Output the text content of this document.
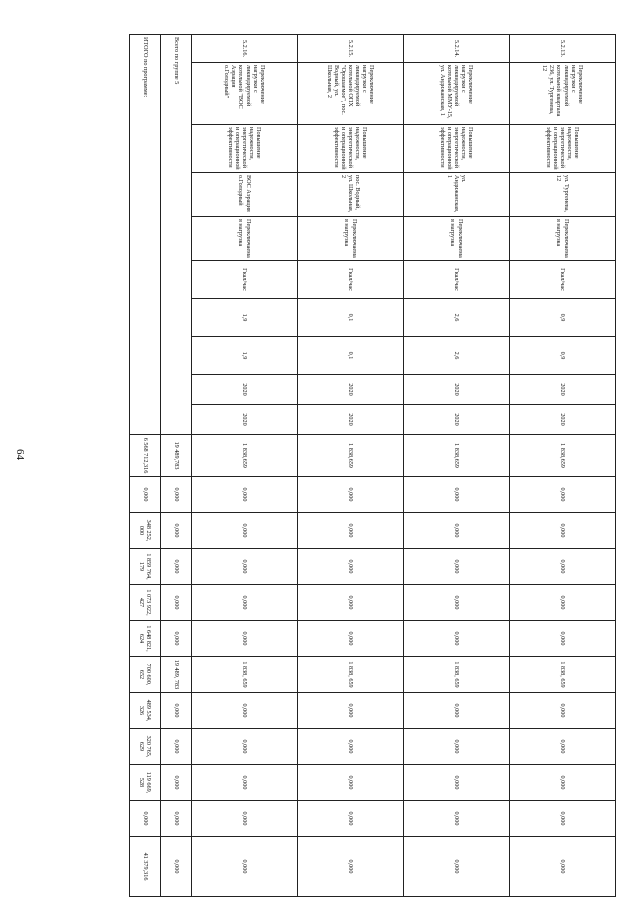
64
5.2.13.	Переключение нагрузки с ликвидируемой котельной квартала 236, ул. Тургенева, 12	Повышение надежности, энергетической и операционной эффективности	ул. Тургенева, 12	Переключаемая нагрузка	Гкал/час	0,9	0,9	2020	2020	1 838,659	0,000	0,000	0,000	0,000	0,000	1 838, 659	0,000	0,000	0,000	0,000	0,000
5.2.14.	Переключение нагрузки с ликвидируемой котельной ММУ-15, ул. Андижанская, 1	Повышение надежности, энергетической и операционной эффективности	ул. Андижанская, 1	Переключаемая нагрузка	Гкал/час	2,6	2,6	2020	2020	1 838,659	0,000	0,000	0,000	0,000	0,000	1 838, 659	0,000	0,000	0,000	0,000	0,000
5.2.15.	Переключение нагрузки с ликвидируемой котельной ОПХ "Орошаемое", пос. Водный, ул. Школьная, 2	Повышение надежности, энергетической и операционной эффективности	пос. Водный, ул. Школьная, 2	Переключаемая нагрузка	Гкал/час	0,1	0,1	2020	2020	1 838,659	0,000	0,000	0,000	0,000	0,000	1 838, 659	0,000	0,000	0,000	0,000	0,000
5.2.16.	Переключение нагрузки с ликвидируемой котельной "ВОС Аэрация о.Голодный"	Повышение надежности, энергетической и операционной эффективности	ВОС Аэрация о.Голодный	Переключаемая нагрузка	Гкал/час	1,9	1,9	2020	2020	1 838,659	0,000	0,000	0,000	0,000	0,000	1 838, 659	0,000	0,000	0,000	0,000	0,000
Всего по группе 5										19 489,783	0,000	0,000	0,000	0,000	0,000	19 489, 783	0,000	0,000	0,000	0,000	0,000
ИТОГО по программе:										6 568 712,316	0,000	348 252, 000	1 859 764, 179	1 073 922, 427	1 648 821, 624	700 600, 652	489 534, 326	320 765, 629	119 669, 528	0,000	41 379,316
